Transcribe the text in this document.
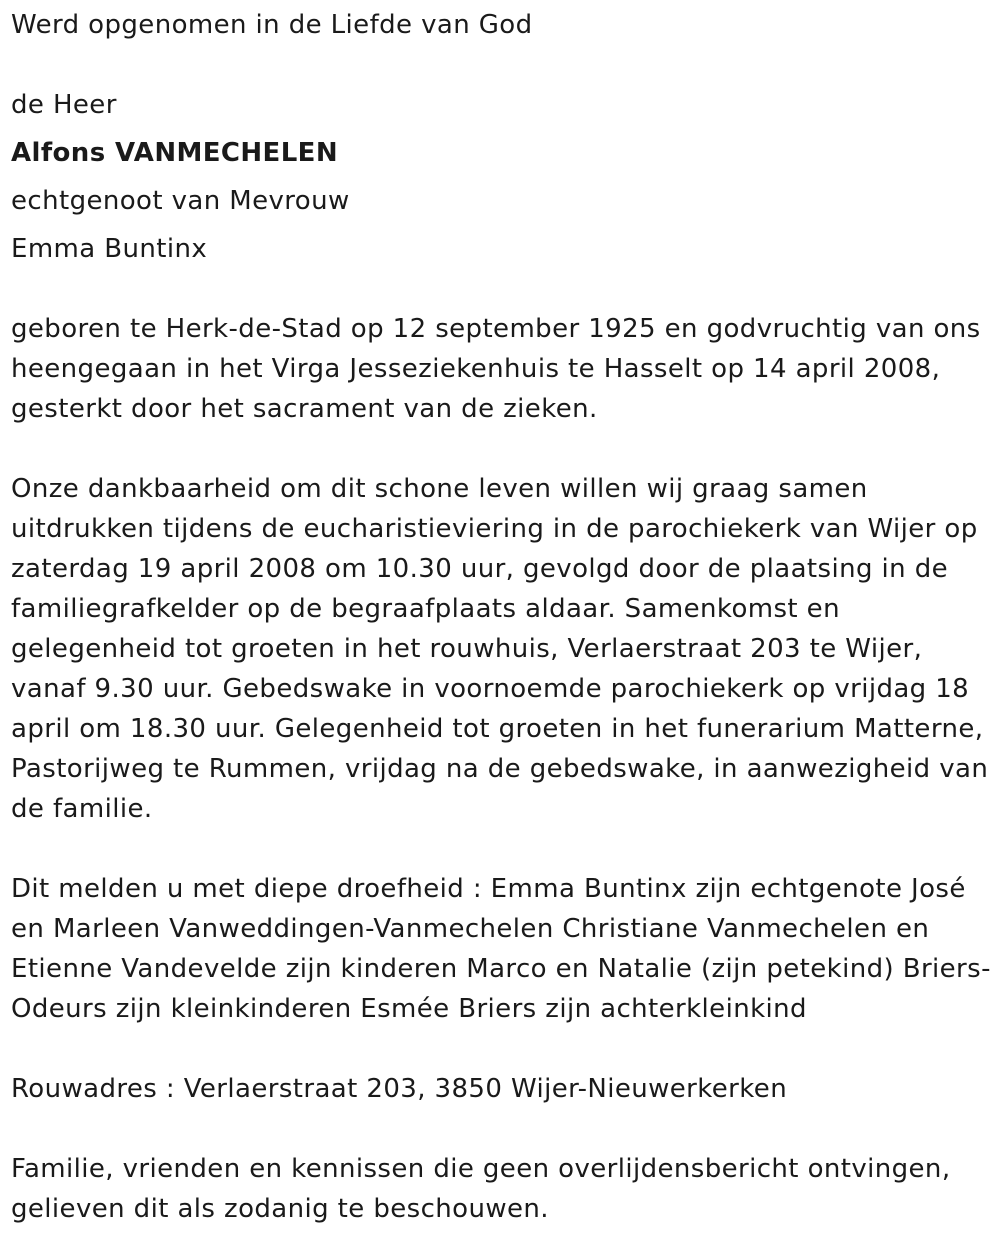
Werd opgenomen in de Liefde van God

de Heer

Alfons VANMECHELEN

echtgenoot van Mevrouw

Emma Buntinx

geboren te Herk-de-Stad op 12 september 1925 en godvruchtig van ons

heengegaan in het Virga Jesseziekenhuis te Hasselt op 14 april 2008,

gesterkt door het sacrament van de zieken.

Onze dankbaarheid om dit schone leven willen wij graag samen

uitdrukken tijdens de eucharistieviering in de parochiekerk van Wijer op

zaterdag 19 april 2008 om 10.30 uur, gevolgd door de plaatsing in de

familiegrafkelder op de begraafplaats aldaar. Samenkomst en

gelegenheid tot groeten in het rouwhuis, Verlaerstraat 203 te Wijer,

vanaf 9.30 uur. Gebedswake in voornoemde parochiekerk op vrijdag 18

april om 18.30 uur. Gelegenheid tot groeten in het funerarium Matterne,

Pastorijweg te Rummen, vrijdag na de gebedswake, in aanwezigheid van

de familie.

Dit melden u met diepe droefheid : Emma Buntinx zijn echtgenote José

en Marleen Vanweddingen-Vanmechelen Christiane Vanmechelen en

Etienne Vandevelde zijn kinderen Marco en Natalie (zijn petekind) Briers-

Odeurs zijn kleinkinderen Esmée Briers zijn achterkleinkind

Rouwadres : Verlaerstraat 203, 3850 Wijer-Nieuwerkerken

Familie, vrienden en kennissen die geen overlijdensbericht ontvingen,

gelieven dit als zodanig te beschouwen.
